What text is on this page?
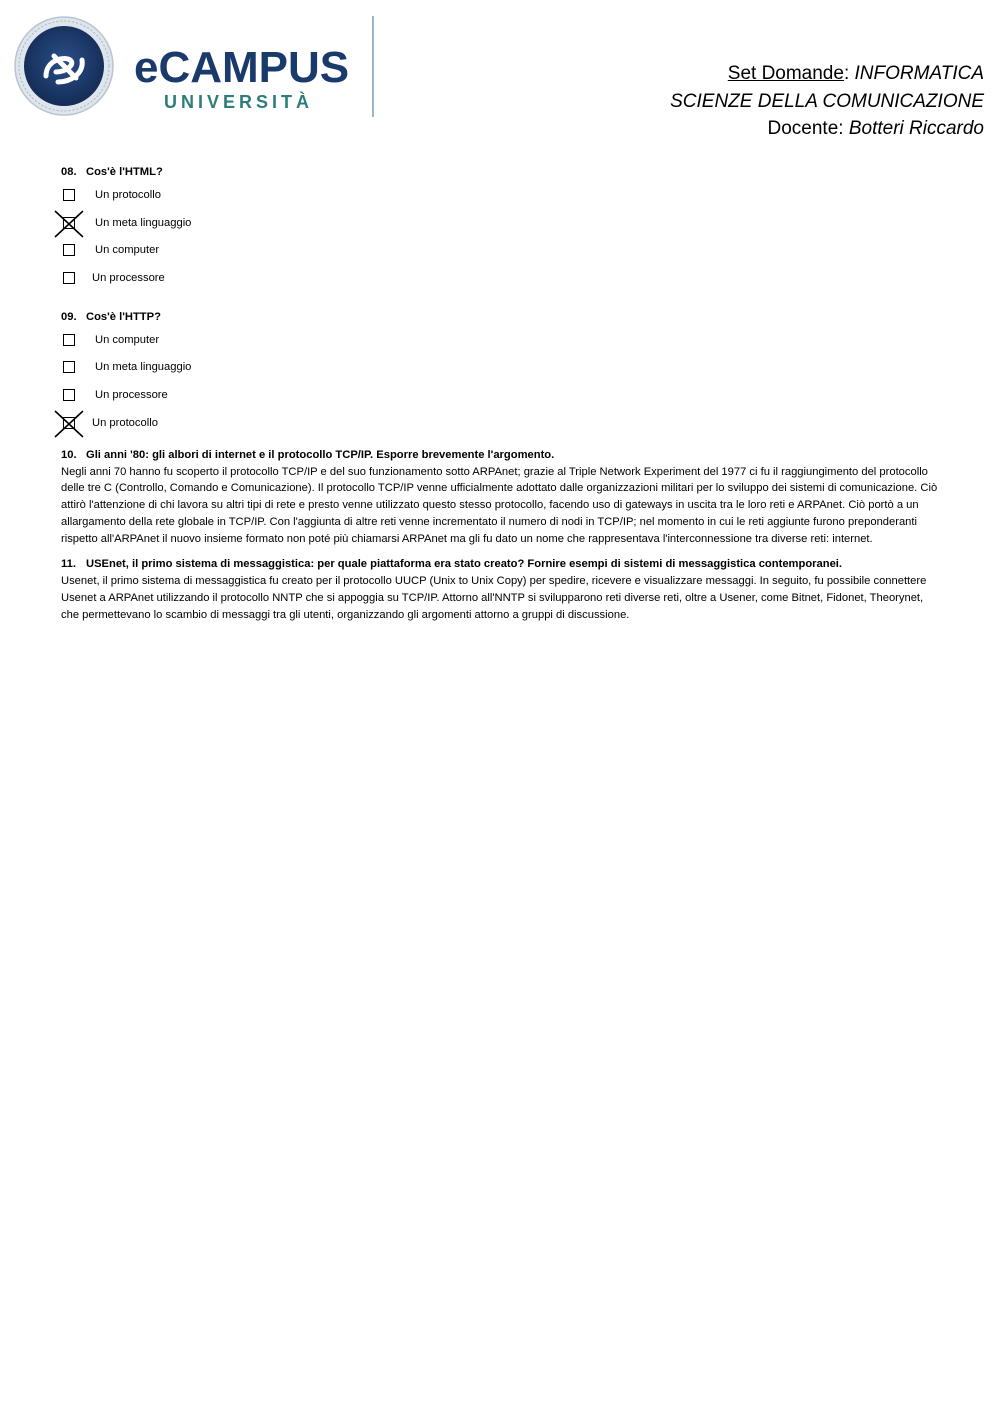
eCAMPUS
UNIVERSITÀ
Set Domande: INFORMATICA
SCIENZE DELLA COMUNICAZIONE
Docente: Botteri Riccardo

08. Cos'è l'HTML?

Un protocollo
Un meta linguaggio
Un computer
Un processore

09. Cos'è l'HTTP?

Un computer
Un meta linguaggio
Un processore
Un protocollo

10. Gli anni '80: gli albori di internet e il protocollo TCP/IP. Esporre brevemente l'argomento.

Negli anni 70 hanno fu scoperto il protocollo TCP/IP e del suo funzionamento sotto ARPAnet; grazie al Triple Network Experiment del 1977 ci fu il raggiungimento del protocollo delle tre C (Controllo, Comando e Comunicazione). Il protocollo TCP/IP venne ufficialmente adottato dalle organizzazioni militari per lo sviluppo dei sistemi di comunicazione. Ciò attirò l'attenzione di chi lavora su altri tipi di rete e presto venne utilizzato questo stesso protocollo, facendo uso di gateways in uscita tra le loro reti e ARPAnet. Ciò portò a un allargamento della rete globale in TCP/IP. Con l'aggiunta di altre reti venne incrementato il numero di nodi in TCP/IP; nel momento in cui le reti aggiunte furono preponderanti rispetto all'ARPAnet il nuovo insieme formato non poté più chiamarsi ARPAnet ma gli fu dato un nome che rappresentava l'interconnessione tra diverse reti: internet.

11. USEnet, il primo sistema di messaggistica: per quale piattaforma era stato creato? Fornire esempi di sistemi di messaggistica contemporanei.

Usenet, il primo sistema di messaggistica fu creato per il protocollo UUCP (Unix to Unix Copy) per spedire, ricevere e visualizzare messaggi. In seguito, fu possibile connettere Usenet a ARPAnet utilizzando il protocollo NNTP che si appoggia su TCP/IP. Attorno all'NNTP si svilupparono reti diverse reti, oltre a Usener, come Bitnet, Fidonet, Theorynet, che permettevano lo scambio di messaggi tra gli utenti, organizzando gli argomenti attorno a gruppi di discussione.
